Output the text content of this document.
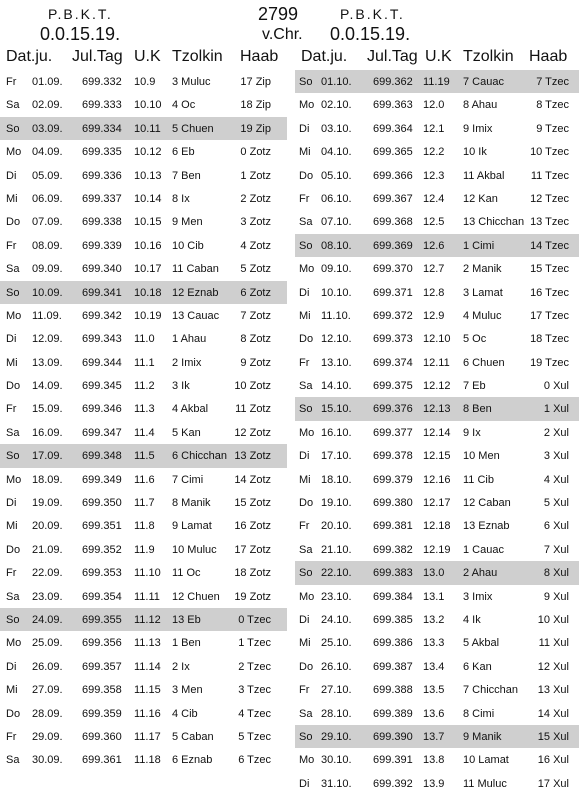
P.B.K.T.
0.0.15.19.
2799
v.Chr.
P.B.K.T.
0.0.15.19.
Dat.ju. Jul.Tag U.K Tzolkin Haab
Fr 01.09. 699.332 10.9 3 Muluc	17 Zip
Sa 02.09. 699.333 10.10 4 Oc	18 Zip
So 03.09. 699.334 10.11 5 Chuen 19 Zip
Mo 04.09. 699.335 10.12 6 Eb	0 Zotz
Di 05.09. 699.336 10.13 7 Ben	1 Zotz
Mi 06.09. 699.337 10.14 8 Ix	2 Zotz
Do 07.09. 699.338 10.15 9 Men	3 Zotz
Fr 08.09. 699.339 10.16 10 Cib	4 Zotz
Sa 09.09. 699.340 10.17 11 Caban 5 Zotz
So 10.09. 699.341 10.18 12 Eznab 6 Zotz
Mo 11.09. 699.342 10.19 13 Cauac 7 Zotz
Di 12.09. 699.343 11.0 1 Ahau	8 Zotz
Mi 13.09. 699.344 11.1 2 Imix	9 Zotz
Do 14.09. 699.345 11.2 3 Ik	10 Zotz
Fr 15.09. 699.346 11.3 4 Akbal 11 Zotz
Sa 16.09. 699.347 11.4 5 Kan	12 Zotz
So 17.09. 699.348 11.5 6 Chicchan 13 Zotz
Mo 18.09. 699.349 11.6 7 Cimi	14 Zotz
Di 19.09. 699.350 11.7 8 Manik 15 Zotz
Mi 20.09. 699.351 11.8 9 Lamat 16 Zotz
Do 21.09. 699.352 11.9 10 Muluc 17 Zotz
Fr 22.09. 699.353 11.10 11 Oc	18 Zotz
Sa 23.09. 699.354 11.11 12 Chuen 19 Zotz
So 24.09. 699.355 11.12 13 Eb	0 Tzec
Mo 25.09. 699.356 11.13 1 Ben	1 Tzec
Di 26.09. 699.357 11.14 2 Ix	2 Tzec
Mi 27.09. 699.358 11.15 3 Men	3 Tzec
Do 28.09. 699.359 11.16 4 Cib	4 Tzec
Fr 29.09. 699.360 11.17 5 Caban 5 Tzec
Sa 30.09. 699.361 11.18 6 Eznab 6 Tzec
Dat.ju. Jul.Tag U.K Tzolkin Haab
So 01.10. 699.362 11.19 7 Cauac	7 Tzec
Mo 02.10. 699.363 12.0 8 Ahau	8 Tzec
Di 03.10. 699.364 12.1 9 Imix	9 Tzec
Mi 04.10. 699.365 12.2 10 Ik	10 Tzec
Do 05.10. 699.366 12.3 11 Akbal 11 Tzec
Fr 06.10. 699.367 12.4 12 Kan	12 Tzec
Sa 07.10. 699.368 12.5 13 Chicchan 13 Tzec
So 08.10. 699.369 12.6 1 Cimi	14 Tzec
Mo 09.10. 699.370 12.7 2 Manik	15 Tzec
Di 10.10. 699.371 12.8 3 Lamat 16 Tzec
Mi 11.10. 699.372 12.9 4 Muluc	17 Tzec
Do 12.10. 699.373 12.10 5 Oc	18 Tzec
Fr 13.10. 699.374 12.11 6 Chuen 19 Tzec
Sa 14.10. 699.375 12.12 7 Eb	0 Xul
So 15.10. 699.376 12.13 8 Ben	1 Xul
Mo 16.10. 699.377 12.14 9 Ix	2 Xul
Di 17.10. 699.378 12.15 10 Men	3 Xul
Mi 18.10. 699.379 12.16 11 Cib	4 Xul
Do 19.10. 699.380 12.17 12 Caban	5 Xul
Fr 20.10. 699.381 12.18 13 Eznab	6 Xul
Sa 21.10. 699.382 12.19 1 Cauac	7 Xul
So 22.10. 699.383 13.0 2 Ahau	8 Xul
Mo 23.10. 699.384 13.1 3 Imix	9 Xul
Di 24.10. 699.385 13.2 4 Ik	10 Xul
Mi 25.10. 699.386 13.3 5 Akbal	11 Xul
Do 26.10. 699.387 13.4 6 Kan	12 Xul
Fr 27.10. 699.388 13.5 7 Chicchan 13 Xul
Sa 28.10. 699.389 13.6 8 Cimi	14 Xul
So 29.10. 699.390 13.7 9 Manik	15 Xul
Mo 30.10. 699.391 13.8 10 Lamat	16 Xul
Di 31.10. 699.392 13.9 11 Muluc	17 Xul
